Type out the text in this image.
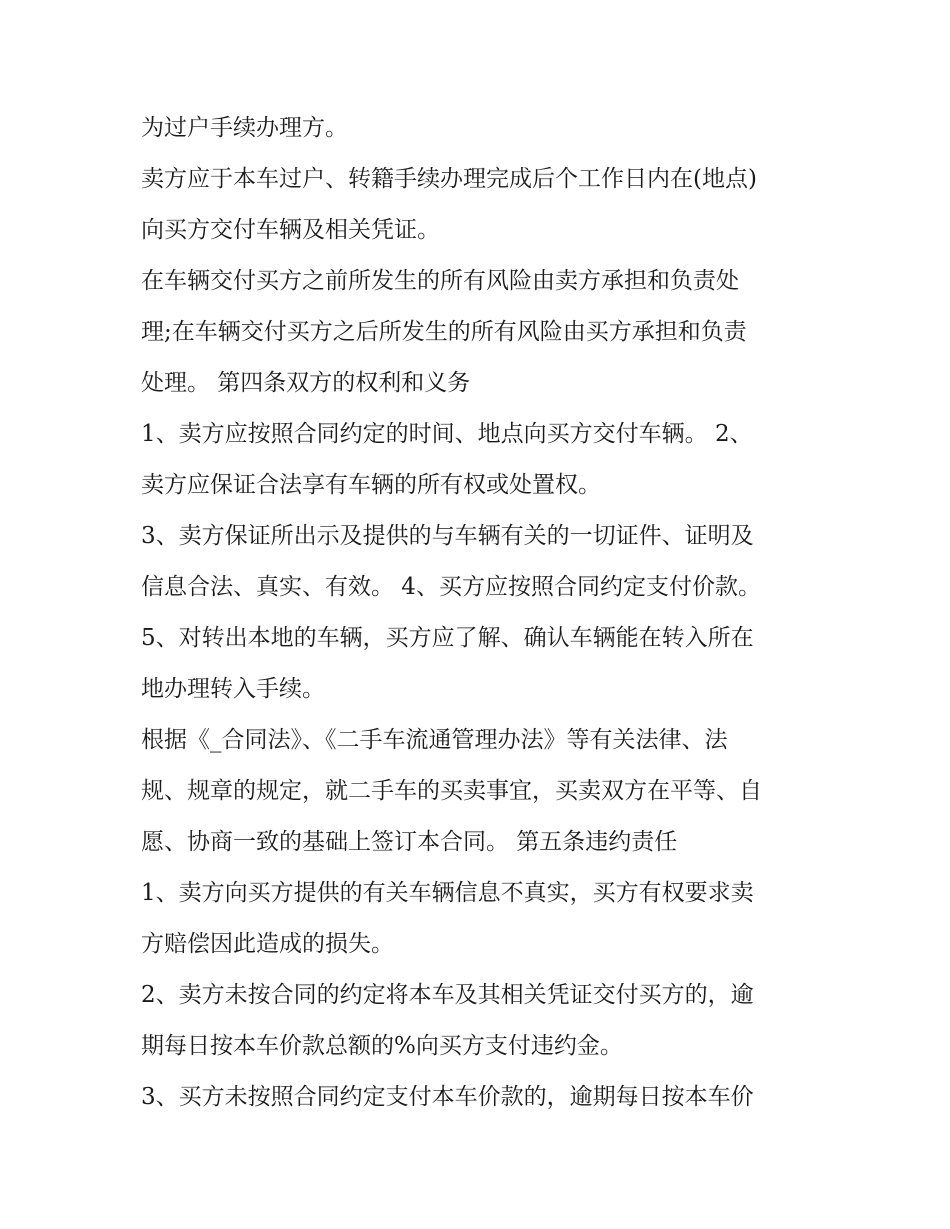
为过户手续办理方。
卖方应于本车过户、转籍手续办理完成后个工作日内在(地点)
向买方交付车辆及相关凭证。
在车辆交付买方之前所发生的所有风险由卖方承担和负责处
理;在车辆交付买方之后所发生的所有风险由买方承担和负责
处理。 第四条双方的权利和义务
1、卖方应按照合同约定的时间、地点向买方交付车辆。 2、
卖方应保证合法享有车辆的所有权或处置权。
3、卖方保证所出示及提供的与车辆有关的一切证件、证明及
信息合法、真实、有效。 4、买方应按照合同约定支付价款。
5、对转出本地的车辆，买方应了解、确认车辆能在转入所在
地办理转入手续。
根据《_合同法》、《二手车流通管理办法》等有关法律、法
规、规章的规定，就二手车的买卖事宜，买卖双方在平等、自
愿、协商一致的基础上签订本合同。 第五条违约责任
1、卖方向买方提供的有关车辆信息不真实，买方有权要求卖
方赔偿因此造成的损失。
2、卖方未按合同的约定将本车及其相关凭证交付买方的，逾
期每日按本车价款总额的%向买方支付违约金。
3、买方未按照合同约定支付本车价款的，逾期每日按本车价
